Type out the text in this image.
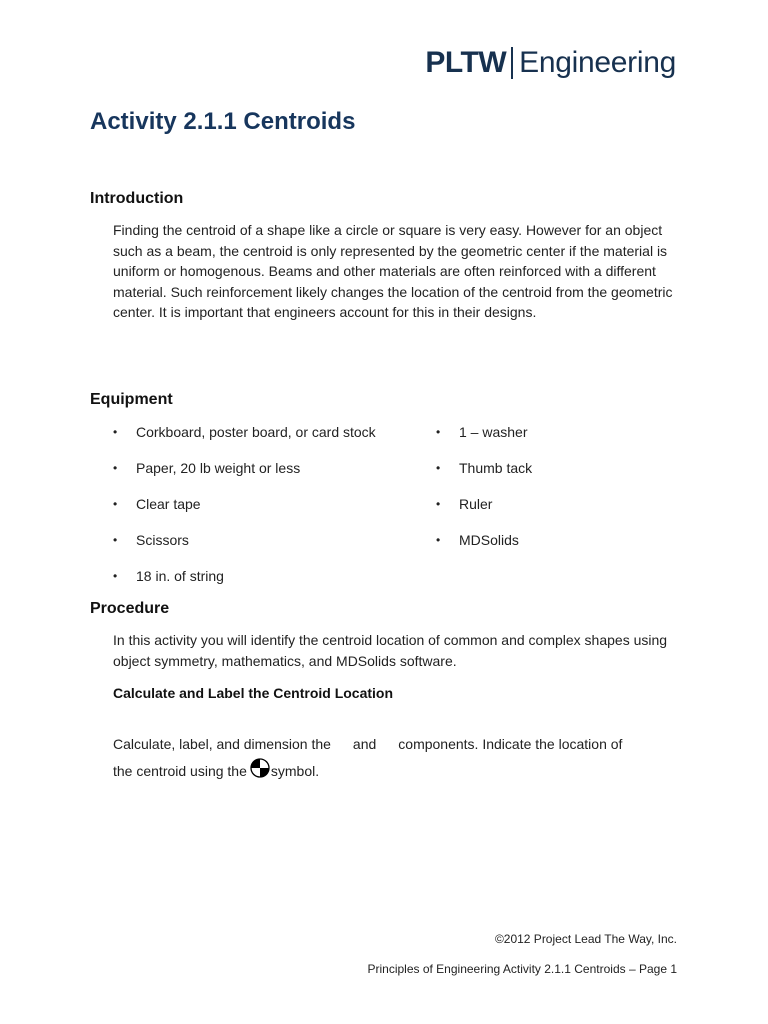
PLTW Engineering
Activity 2.1.1 Centroids
Introduction

Finding the centroid of a shape like a circle or square is very easy. However for an object such as a beam, the centroid is only represented by the geometric center if the material is uniform or homogenous. Beams and other materials are often reinforced with a different material. Such reinforcement likely changes the location of the centroid from the geometric center. It is important that engineers account for this in their designs.

Equipment
• Corkboard, poster board, or card stock
• Paper, 20 lb weight or less
• Clear tape
• Scissors
• 18 in. of string
• 1 – washer
• Thumb tack
• Ruler
• MDSolids
Procedure

In this activity you will identify the centroid location of common and complex shapes using object symmetry, mathematics, and MDSolids software.

Calculate and Label the Centroid Location

Calculate, label, and dimension the and components. Indicate the location of

the centroid using the symbol.

©2012 Project Lead The Way, Inc.

Principles of Engineering Activity 2.1.1 Centroids – Page 1
